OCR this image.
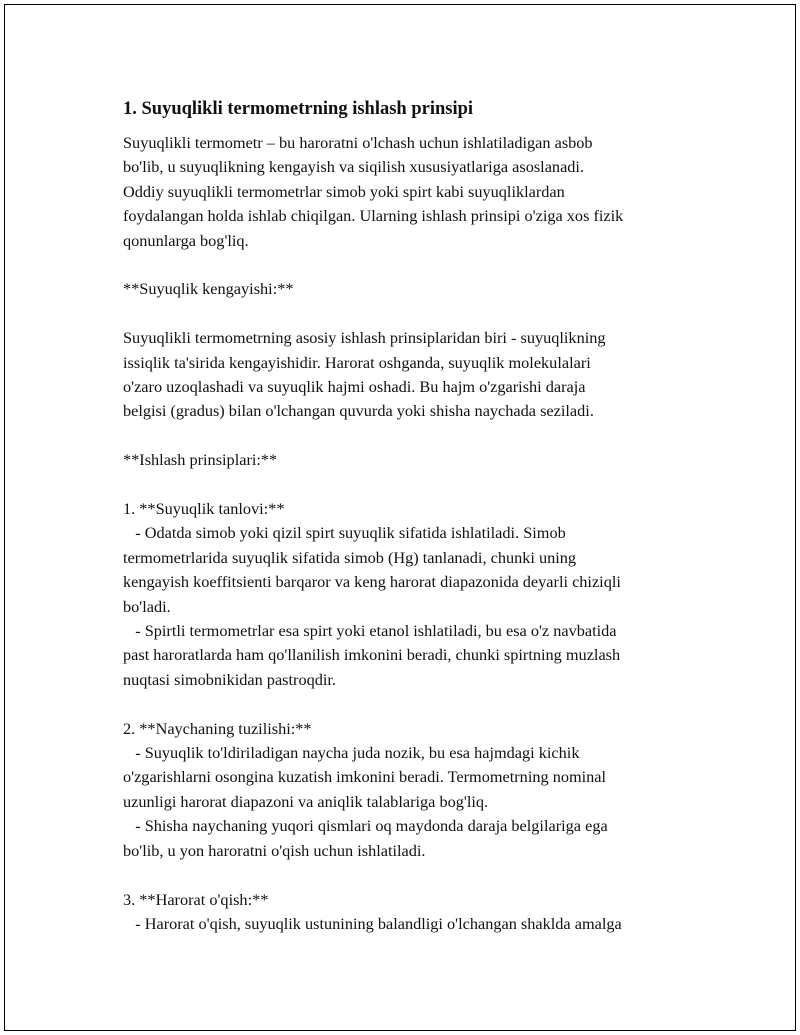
1. Suyuqlikli termometrning ishlash prinsipi
Suyuqlikli termometr – bu haroratni o'lchash uchun ishlatiladigan asbob
bo'lib, u suyuqlikning kengayish va siqilish xususiyatlariga asoslanadi.
Oddiy suyuqlikli termometrlar simob yoki spirt kabi suyuqliklardan
foydalangan holda ishlab chiqilgan. Ularning ishlash prinsipi o'ziga xos fizik
qonunlarga bog'liq.
**Suyuqlik kengayishi:**
Suyuqlikli termometrning asosiy ishlash prinsiplaridan biri - suyuqlikning
issiqlik ta'sirida kengayishidir. Harorat oshganda, suyuqlik molekulalari
o'zaro uzoqlashadi va suyuqlik hajmi oshadi. Bu hajm o'zgarishi daraja
belgisi (gradus) bilan o'lchangan quvurda yoki shisha naychada seziladi.
**Ishlash prinsiplari:**
1. **Suyuqlik tanlovi:**
- Odatda simob yoki qizil spirt suyuqlik sifatida ishlatiladi. Simob
termometrlarida suyuqlik sifatida simob (Hg) tanlanadi, chunki uning
kengayish koeffitsienti barqaror va keng harorat diapazonida deyarli chiziqli
bo'ladi.
- Spirtli termometrlar esa spirt yoki etanol ishlatiladi, bu esa o'z navbatida
past haroratlarda ham qo'llanilish imkonini beradi, chunki spirtning muzlash
nuqtasi simobnikidan pastroqdir.
2. **Naychaning tuzilishi:**
- Suyuqlik to'ldiriladigan naycha juda nozik, bu esa hajmdagi kichik
o'zgarishlarni osongina kuzatish imkonini beradi. Termometrning nominal
uzunligi harorat diapazoni va aniqlik talablariga bog'liq.
- Shisha naychaning yuqori qismlari oq maydonda daraja belgilariga ega
bo'lib, u yon haroratni o'qish uchun ishlatiladi.
3. **Harorat o'qish:**
- Harorat o'qish, suyuqlik ustunining balandligi o'lchangan shaklda amalga
